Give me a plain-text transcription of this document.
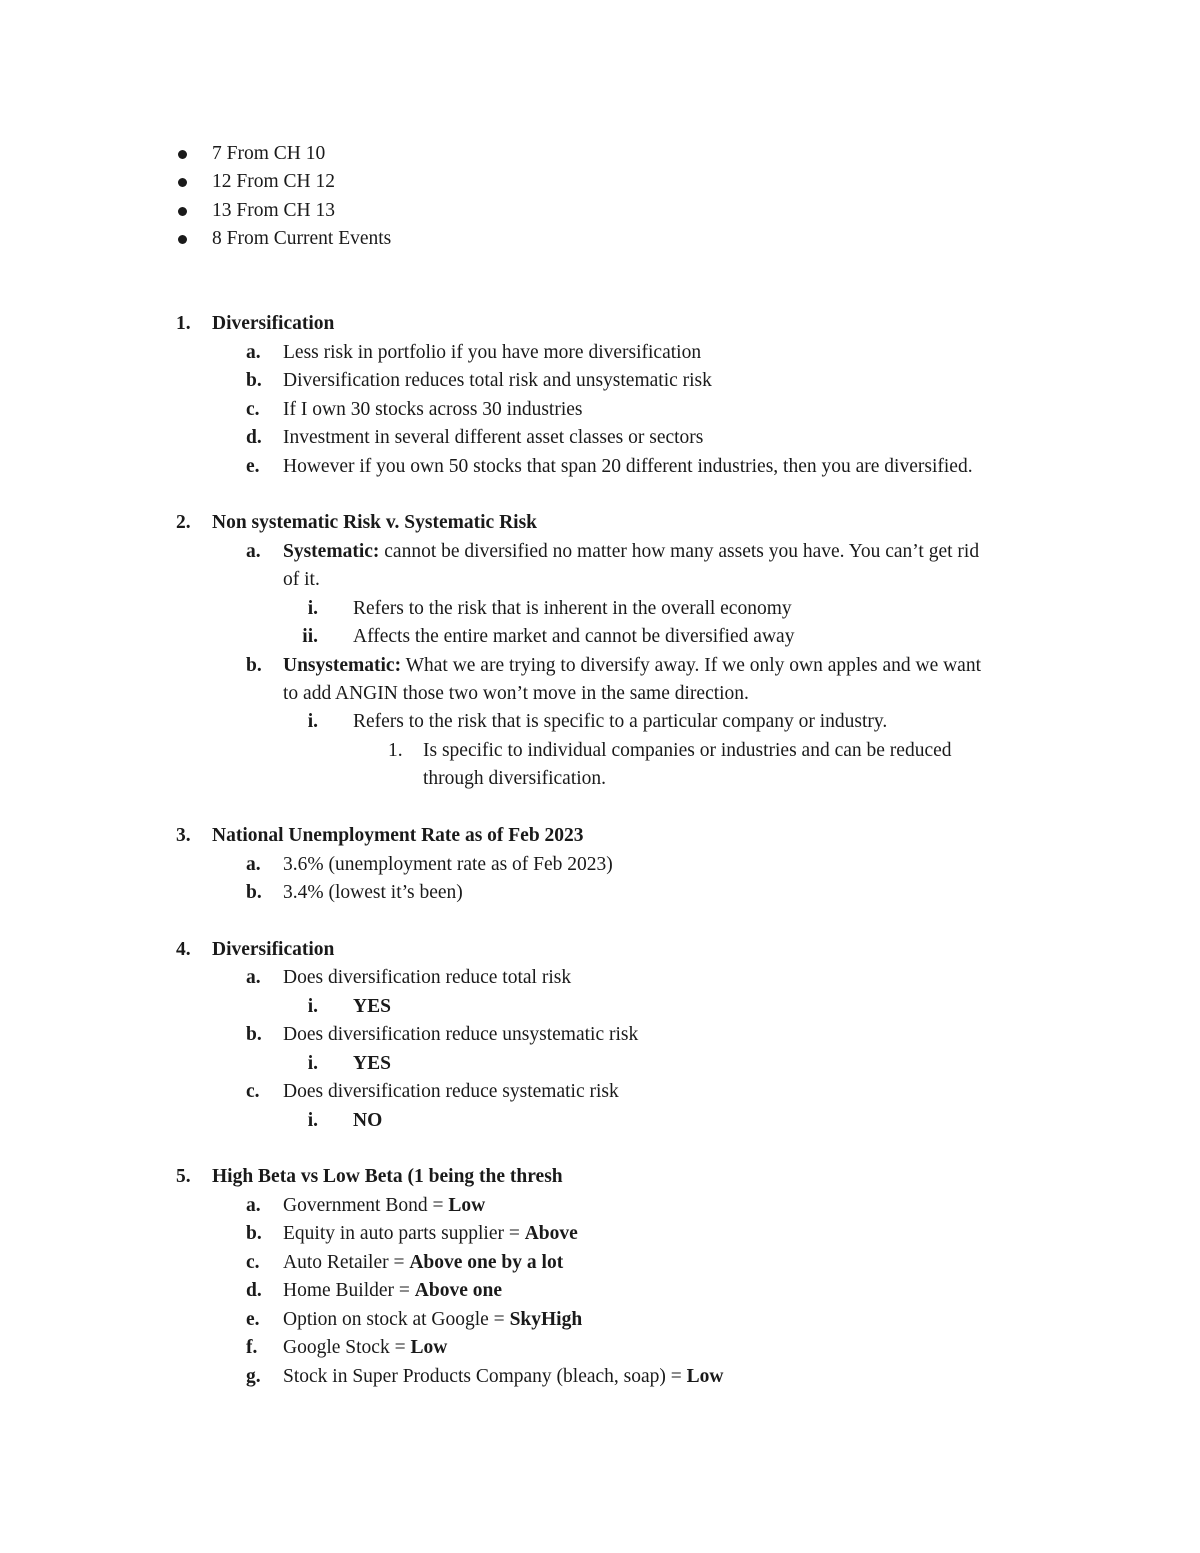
7 From CH 10
12 From CH 12
13 From CH 13
8 From Current Events
1. Diversification
a. Less risk in portfolio if you have more diversification
b. Diversification reduces total risk and unsystematic risk
c. If I own 30 stocks across 30 industries
d. Investment in several different asset classes or sectors
e. However if you own 50 stocks that span 20 different industries, then you are diversified.
2. Non systematic Risk v. Systematic Risk
a. Systematic: cannot be diversified no matter how many assets you have. You can’t get rid
of it.
i. Refers to the risk that is inherent in the overall economy
ii. Affects the entire market and cannot be diversified away
b. Unsystematic: What we are trying to diversify away. If we only own apples and we want
to add ANGIN those two won’t move in the same direction.
i. Refers to the risk that is specific to a particular company or industry.
1. Is specific to individual companies or industries and can be reduced
through diversification.
3. National Unemployment Rate as of Feb 2023
a. 3.6% (unemployment rate as of Feb 2023)
b. 3.4% (lowest it’s been)
4. Diversification
a. Does diversification reduce total risk
i. YES
b. Does diversification reduce unsystematic risk
i. YES
c. Does diversification reduce systematic risk
i. NO
5. High Beta vs Low Beta (1 being the thresh
a. Government Bond = Low
b. Equity in auto parts supplier = Above
c. Auto Retailer = Above one by a lot
d. Home Builder = Above one
e. Option on stock at Google = SkyHigh
f. Google Stock = Low
g. Stock in Super Products Company (bleach, soap) = Low
